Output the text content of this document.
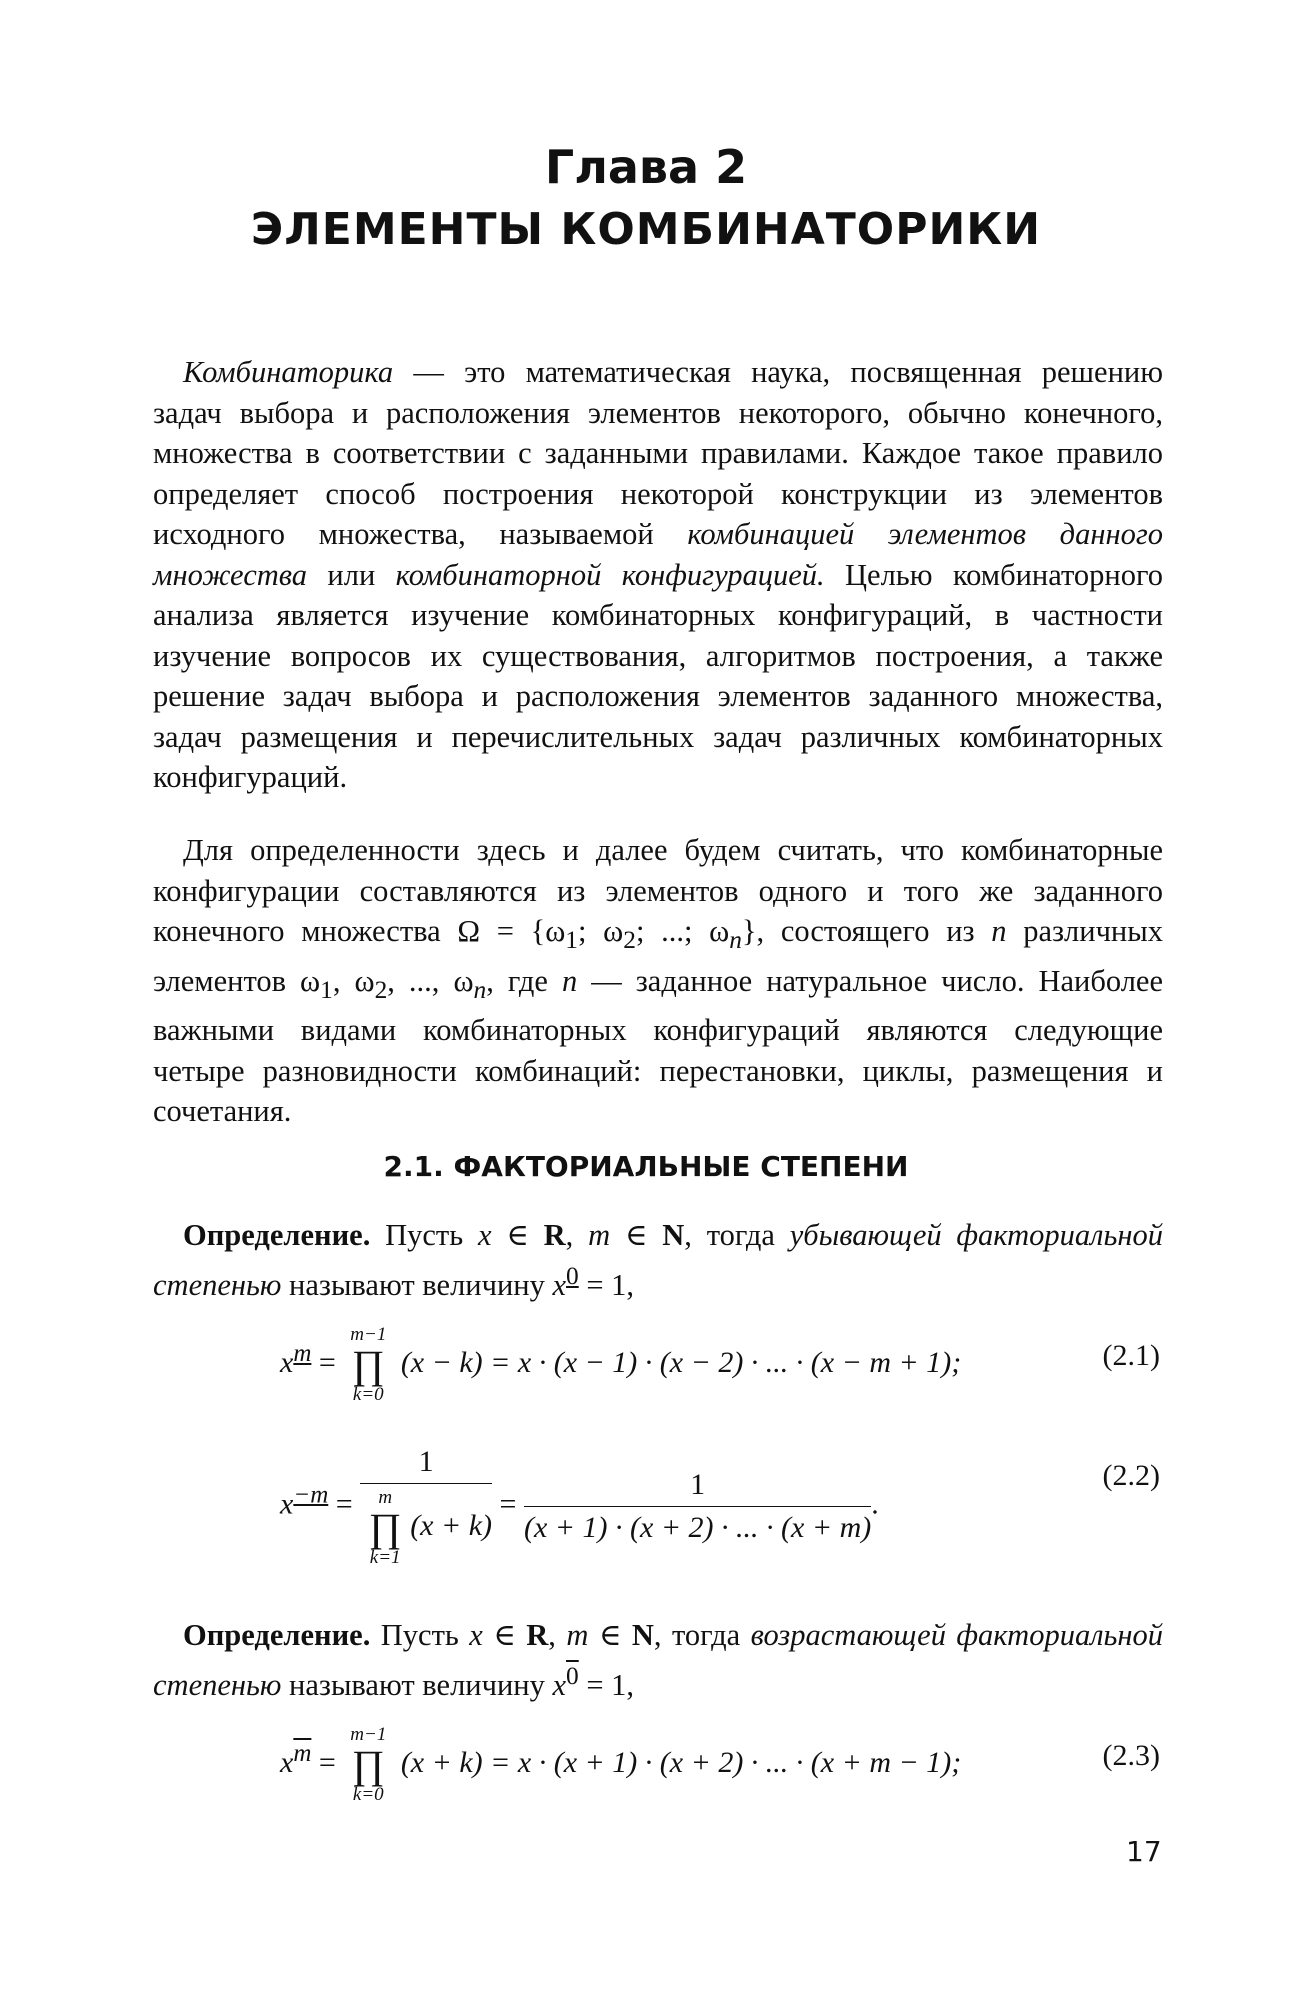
Глава 2
ЭЛЕМЕНТЫ КОМБИНАТОРИКИ

Комбинаторика — это математическая наука, посвященная решению задач выбора и расположения элементов некоторого, обычно конечного, множества в соответствии с заданными правилами. Каждое такое правило определяет способ построения некоторой конструкции из элементов исходного множества, называемой комбинацией элементов данного множества или комбинаторной конфигурацией. Целью комбинаторного анализа является изучение комбинаторных конфигураций, в частности изучение вопросов их существования, алгоритмов построения, а также решение задач выбора и расположения элементов заданного множества, задач размещения и перечислительных задач различных комбинаторных конфигураций.

Для определенности здесь и далее будем считать, что комбинаторные конфигурации составляются из элементов одного и того же заданного конечного множества $\Omega = \{\omega_1$; $\omega_2$; ...; $\omega_n$}, состоящего из n различных элементов $\omega_1$, $\omega_2$, ..., $\omega_n$, где n — заданное натуральное число. Наиболее важными видами комбинаторных конфигураций являются следующие четыре разновидности комбинаций: перестановки, циклы, размещения и сочетания.

2.1. ФАКТОРИАЛЬНЫЕ СТЕПЕНИ

Определение. Пусть x ∈ R, m ∈ N, тогда убывающей факториальной степенью называют величину $x^0 = 1$,

$x^m$ =
m−1
∏
k=0
(x − k) = x · (x − 1) · (x − 2) · ... · (x − m + 1);	(2.1)
$x^{-m} = 1$
m
∏
k=1
$(x + k) = \frac{1}{(x + 1) \cdot (x + 2) \cdot ... \cdot (x + m)}$ .
(2.2)

Определение. Пусть x ∈ R, m ∈ N, тогда возрастающей факториальной степенью называют величину $x^0 = 1$,

$x^{\overline{m}}$ =
m−1
∏
k=0
(x + k) = x · (x + 1) · (x + 2) · ... · (x + m − 1);	(2.3)
17
